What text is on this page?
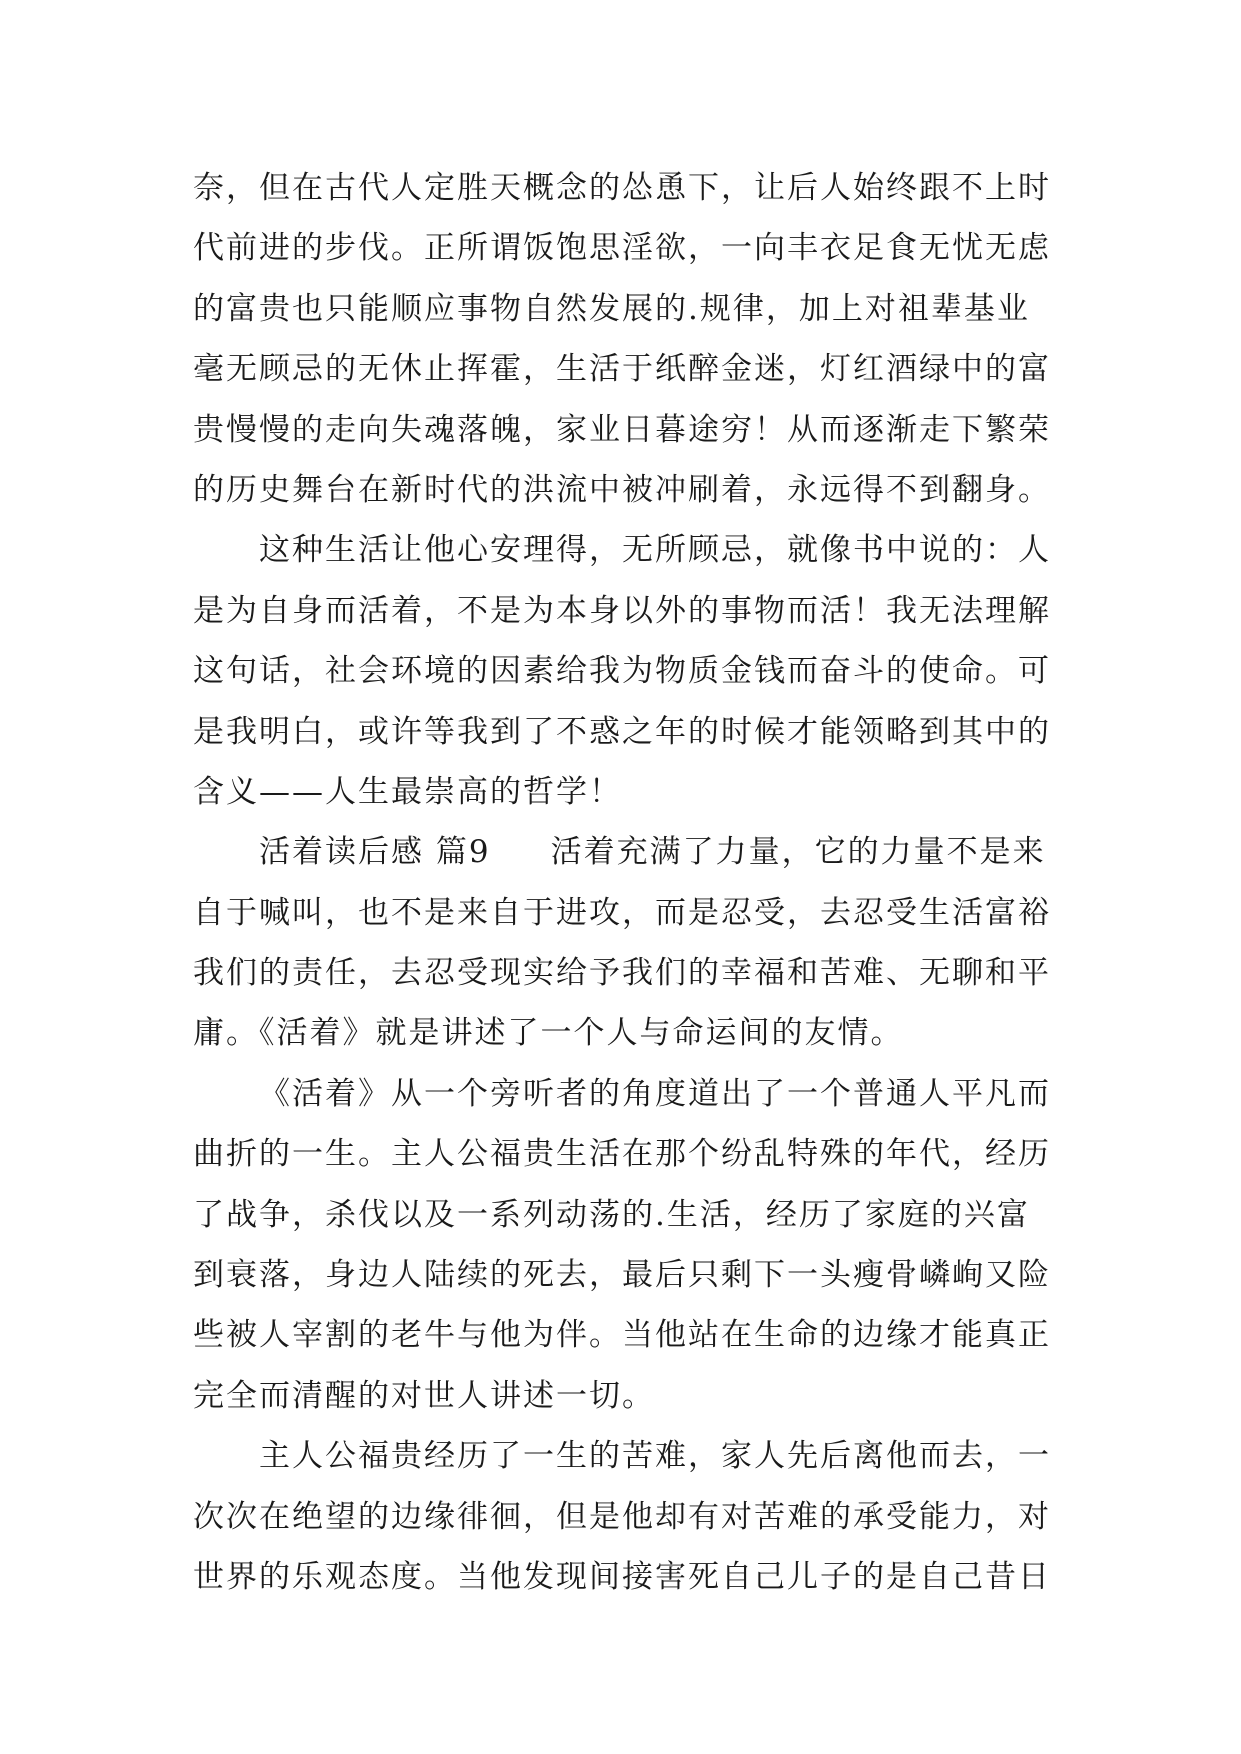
奈，但在古代人定胜天概念的怂恿下，让后人始终跟不上时
代前进的步伐。正所谓饭饱思淫欲，一向丰衣足食无忧无虑
的富贵也只能顺应事物自然发展的.规律，加上对祖辈基业
毫无顾忌的无休止挥霍，生活于纸醉金迷，灯红酒绿中的富
贵慢慢的走向失魂落魄，家业日暮途穷！从而逐渐走下繁荣
的历史舞台在新时代的洪流中被冲刷着，永远得不到翻身。
这种生活让他心安理得，无所顾忌，就像书中说的：人
是为自身而活着，不是为本身以外的事物而活！我无法理解
这句话，社会环境的因素给我为物质金钱而奋斗的使命。可
是我明白，或许等我到了不惑之年的时候才能领略到其中的
含义——人生最崇高的哲学！
活着读后感 篇9 活着充满了力量，它的力量不是来
自于喊叫，也不是来自于进攻，而是忍受，去忍受生活富裕
我们的责任，去忍受现实给予我们的幸福和苦难、无聊和平
庸。《活着》就是讲述了一个人与命运间的友情。
《活着》从一个旁听者的角度道出了一个普通人平凡而
曲折的一生。主人公福贵生活在那个纷乱特殊的年代，经历
了战争，杀伐以及一系列动荡的.生活，经历了家庭的兴富
到衰落，身边人陆续的死去，最后只剩下一头瘦骨嶙峋又险
些被人宰割的老牛与他为伴。当他站在生命的边缘才能真正
完全而清醒的对世人讲述一切。
主人公福贵经历了一生的苦难，家人先后离他而去，一
次次在绝望的边缘徘徊，但是他却有对苦难的承受能力，对
世界的乐观态度。当他发现间接害死自己儿子的是自己昔日
